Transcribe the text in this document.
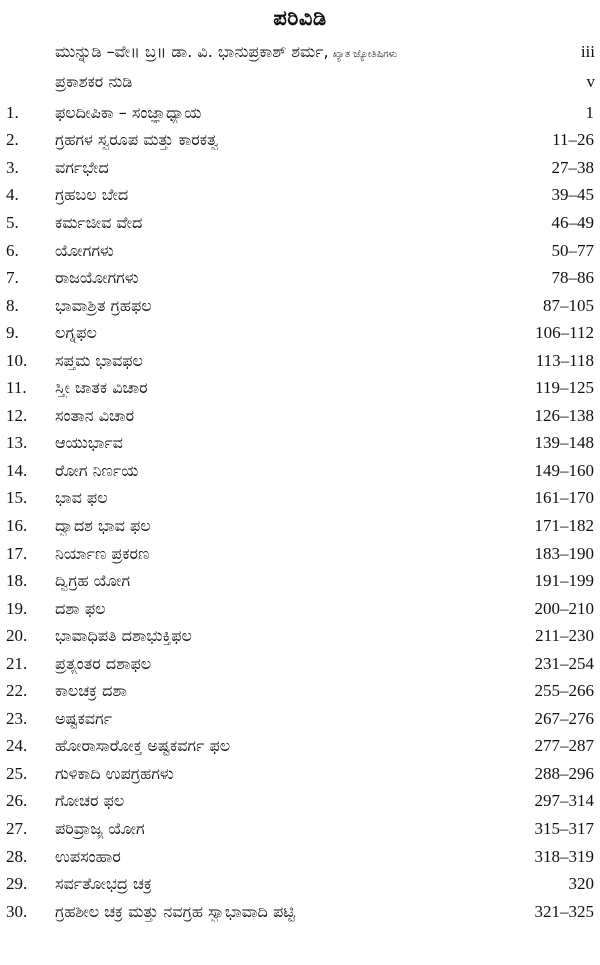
ಪರಿವಿಡಿ
ಮುನ್ನುಡಿ –ವೇ॥ ಬ್ರ॥ ಡಾ. ವಿ. ಭಾನುಪ್ರಕಾಶ್ ಶರ್ಮ, ಖ್ಯಾತ ಜ್ಯೋತಿಷಿಗಳು	iii
ಪ್ರಕಾಶಕರ ನುಡಿ	v
1.	ಫಲದೀಪಿಕಾ – ಸಂಜ್ಞಾಧ್ಯಾಯ	1
2.	ಗ್ರಹಗಳ ಸ್ವರೂಪ ಮತ್ತು ಕಾರಕತ್ವ	11–26
3.	ವರ್ಗಭೇದ	27–38
4.	ಗ್ರಹಬಲ ಬೇದ	39–45
5.	ಕರ್ಮಜೀವ ವೇದ	46–49
6.	ಯೋಗಗಳು	50–77
7.	ರಾಜಯೋಗಗಳು	78–86
8.	ಭಾವಾಶ್ರಿತ ಗ್ರಹಫಲ	87–105
9.	ಲಗ್ನಫಲ	106–112
10.	ಸಪ್ತಮ ಭಾವಫಲ	113–118
11.	ಸ್ತ್ರೀ ಜಾತಕ ವಿಚಾರ	119–125
12.	ಸಂತಾನ ವಿಚಾರ	126–138
13.	ಆಯುರ್ಭಾವ	139–148
14.	ರೋಗ ನಿರ್ಣಯ	149–160
15.	ಭಾವ ಫಲ	161–170
16.	ದ್ವಾದಶ ಭಾವ ಫಲ	171–182
17.	ನಿರ್ಯಾಣ ಪ್ರಕರಣ	183–190
18.	ದ್ವಿಗ್ರಹ ಯೋಗ	191–199
19.	ದಶಾ ಫಲ	200–210
20.	ಭಾವಾಧಿಪತಿ ದಶಾಭುಕ್ತಿಫಲ	211–230
21.	ಪ್ರತ್ಯಂತರ ದಶಾಫಲ	231–254
22.	ಕಾಲಚಕ್ರ ದಶಾ	255–266
23.	ಅಷ್ಟಕವರ್ಗ	267–276
24.	ಹೋರಾಸಾರೋಕ್ತ ಅಷ್ಟಕವರ್ಗ ಫಲ	277–287
25.	ಗುಳಿಕಾದಿ ಉಪಗ್ರಹಗಳು	288–296
26.	ಗೋಚರ ಫಲ	297–314
27.	ಪರಿವ್ರಾಜ್ಯ ಯೋಗ	315–317
28.	ಉಪಸಂಹಾರ	318–319
29.	ಸರ್ವತೋಭದ್ರ ಚಕ್ರ	320
30.	ಗ್ರಹಶೀಲ ಚಕ್ರ ಮತ್ತು ನವಗ್ರಹ ಸ್ವಾಭಾವಾದಿ ಪಟ್ಟಿ	321–325
